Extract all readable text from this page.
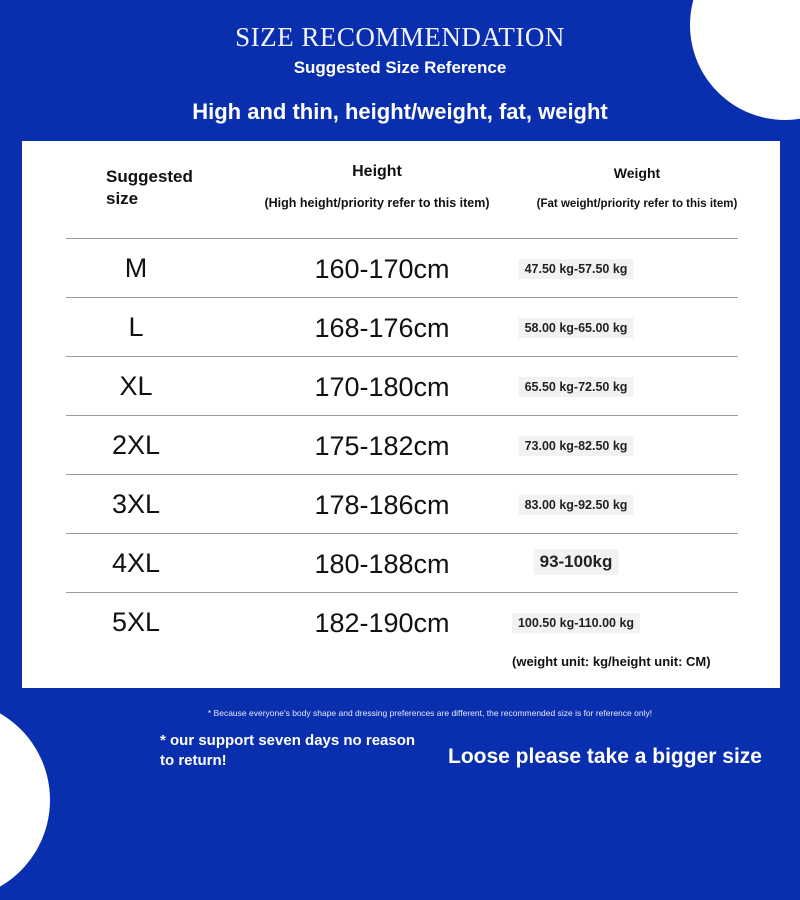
SIZE RECOMMENDATION
Suggested Size Reference
High and thin, height/weight, fat, weight
Suggested size
Height
(High height/priority refer to this item)
Weight
(Fat weight/priority refer to this item)
M	160-170cm	47.50 kg-57.50 kg
L	168-176cm	58.00 kg-65.00 kg
XL	170-180cm	65.50 kg-72.50 kg
2XL	175-182cm	73.00 kg-82.50 kg
3XL	178-186cm	83.00 kg-92.50 kg
4XL	180-188cm	93-100kg
5XL	182-190cm	100.50 kg-110.00 kg
(weight unit: kg/height unit: CM)
* Because everyone's body shape and dressing preferences are different, the recommended size is for reference only!
* our support seven days no reason to return!	Loose please take a bigger size
